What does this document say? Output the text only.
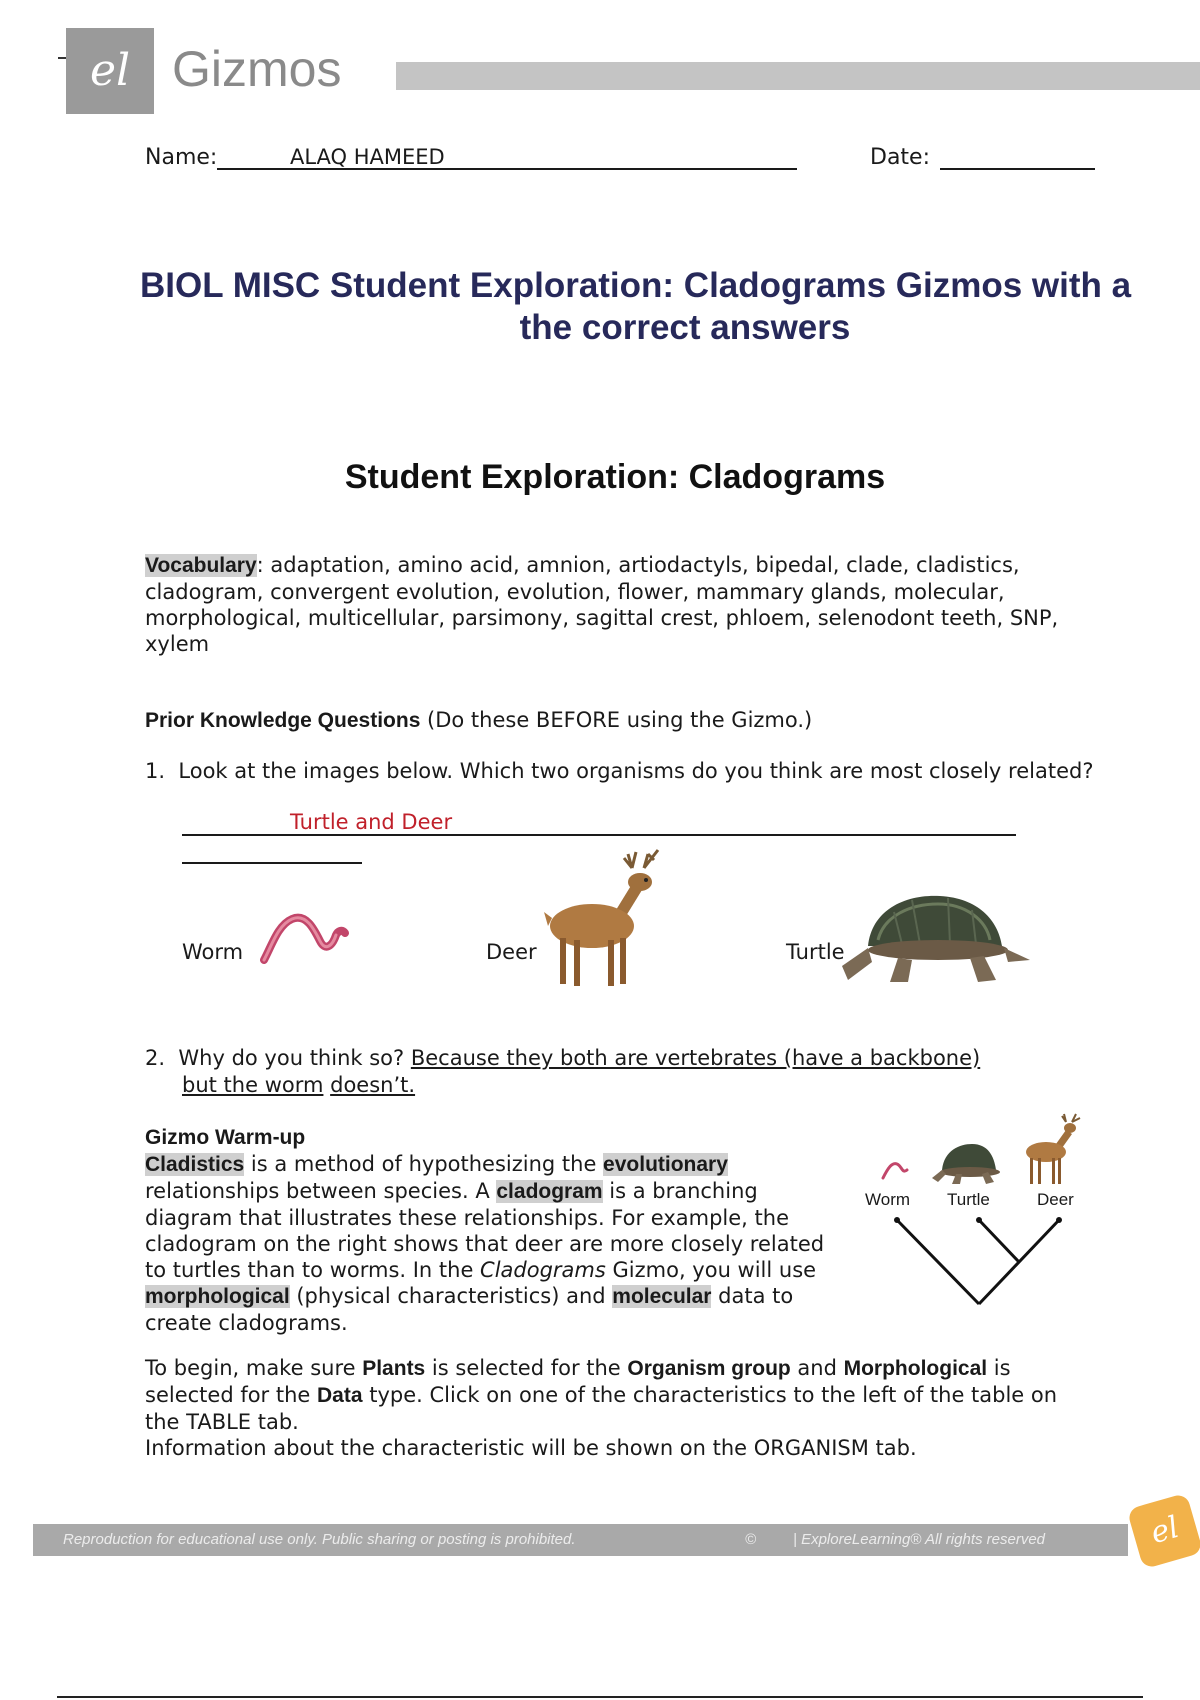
el Gizmos
Name:	ALAQ HAMEED	Date:
BIOL MISC Student Exploration: Cladograms Gizmos with a
the correct answers
Student Exploration: Cladograms
Vocabulary: adaptation, amino acid, amnion, artiodactyls, bipedal, clade, cladistics, cladogram, convergent evolution, evolution, flower, mammary glands, molecular, morphological, multicellular, parsimony, sagittal crest, phloem, selenodont teeth, SNP, xylem
Prior Knowledge Questions (Do these BEFORE using the Gizmo.)
1. Look at the images below. Which two organisms do you think are most closely related?
Turtle and Deer
Worm	Deer	Turtle
2. Why do you think so? Because they both are vertebrates (have a backbone)
but the worm doesn’t.
Gizmo Warm-up
Cladistics is a method of hypothesizing the evolutionary relationships between species. A cladogram is a branching diagram that illustrates these relationships. For example, the cladogram on the right shows that deer are more closely related to turtles than to worms. In the Cladograms Gizmo, you will use morphological (physical characteristics) and molecular data to create cladograms.
Worm Turtle	Deer
To begin, make sure Plants is selected for the Organism group and Morphological is selected for the Data type. Click on one of the characteristics to the left of the table on the TABLE tab.
Information about the characteristic will be shown on the ORGANISM tab.
Reproduction for educational use only. Public sharing or posting is prohibited.	© | ExploreLearning® All rights reserved	el
